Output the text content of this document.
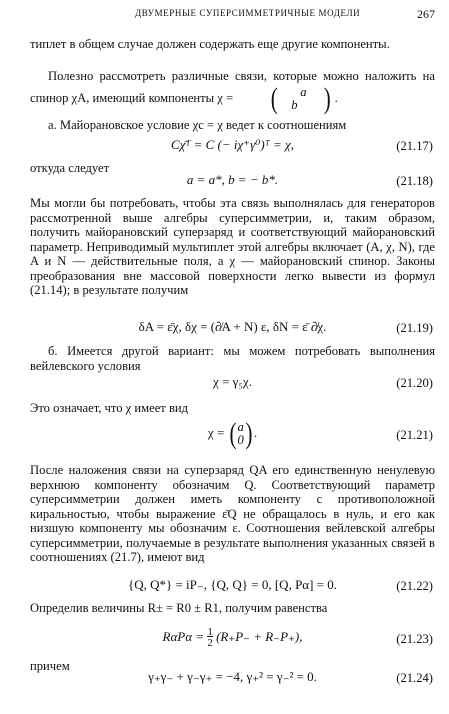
ДВУМЕРНЫЕ СУПЕРСИММЕТРИЧНЫЕ МОДЕЛИ	267

типлет в общем случае должен содержать еще другие компоненты.

Полезно рассмотреть различные связи, которые можно наложить на спинор χA, имеющий компоненты χ = ( a
b ) .

а. Майорановское условие χc = χ ведет к соотношениям

Cχ̄ᵀ = C (− iχ⁺γ⁰)ᵀ = χ,	(21.17)

откуда следует

a = a*, b = − b*.	(21.18)

Мы могли бы потребовать, чтобы эта связь выполнялась для генераторов рассмотренной выше алгебры суперсимметрии, и, таким образом, получить майорановский суперзаряд и соответствующий майорановский параметр. Неприводимый мультиплет этой алгебры включает (A, χ, N), где A и N — действительные поля, а χ — майорановский спинор. Законы преобразования вне массовой поверхности легко вывести из формул (21.14); в результате получим

δA = ε̄χ, δχ = (∂̸A + N) ε, δN = ε̄ ∂̸χ.	(21.19)

б. Имеется другой вариант: мы можем потребовать выполнения вейлевского условия

χ = γ₅χ.	(21.20)

Это означает, что χ имеет вид

χ = ( a
0) .	(21.21)

После наложения связи на суперзаряд QA его единственную ненулевую верхнюю компоненту обозначим Q. Соответствующий параметр суперсимметрии должен иметь компоненту с противоположной киральностью, чтобы выражение ε̄Q не обращалось в нуль, и его как низшую компоненту мы обозначим ε. Соотношения вейлевской алгебры суперсимметрии, получаемые в результате выполнения указанных связей в соотношениях (21.7), имеют вид

{Q, Q*} = iP₋, {Q, Q} = 0, [Q, Pα] = 0.	(21.22)

Определив величины R± = R0 ± R1, получим равенства

$R\alpha P\alpha = \frac{1}{2} (R_+P_- + R_-P_+)$,	(21.23)

причем

γ₊γ₋ + γ₋γ₊ = −4, γ₊² = γ₋² = 0.	(21.24)
